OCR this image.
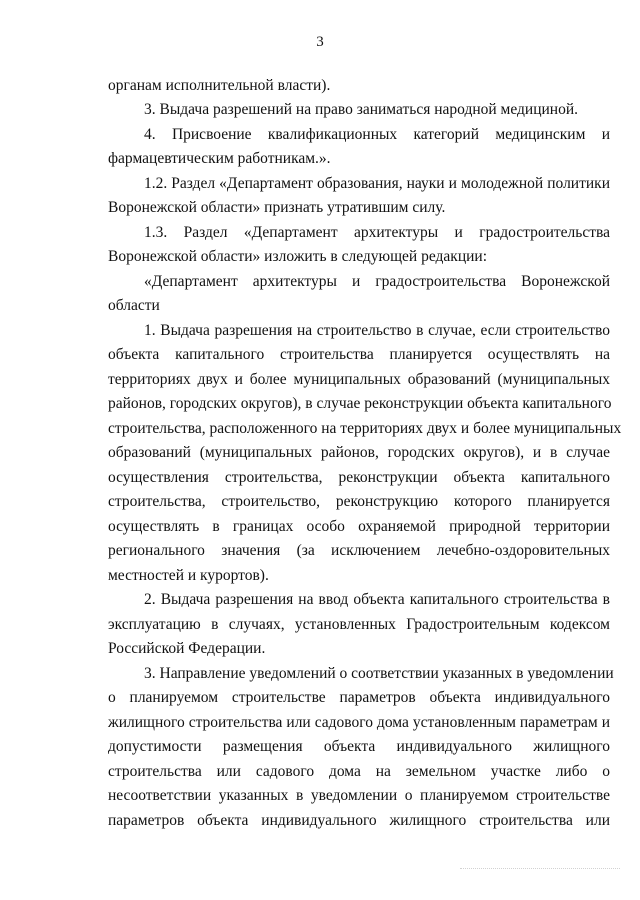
3
органам исполнительной власти).
3. Выдача разрешений на право заниматься народной медициной.
4. Присвоение квалификационных категорий медицинским и
фармацевтическим работникам.».
1.2. Раздел «Департамент образования, науки и молодежной политики
Воронежской области» признать утратившим силу.
1.3. Раздел «Департамент архитектуры и градостроительства
Воронежской области» изложить в следующей редакции:
«Департамент архитектуры и градостроительства Воронежской
области
1. Выдача разрешения на строительство в случае, если строительство
объекта капитального строительства планируется осуществлять на
территориях двух и более муниципальных образований (муниципальных
районов, городских округов), в случае реконструкции объекта капитального
строительства, расположенного на территориях двух и более муниципальных
образований (муниципальных районов, городских округов), и в случае
осуществления строительства, реконструкции объекта капитального
строительства, строительство, реконструкцию которого планируется
осуществлять в границах особо охраняемой природной территории
регионального значения (за исключением лечебно-оздоровительных
местностей и курортов).
2. Выдача разрешения на ввод объекта капитального строительства в
эксплуатацию в случаях, установленных Градостроительным кодексом
Российской Федерации.
3. Направление уведомлений о соответствии указанных в уведомлении
о планируемом строительстве параметров объекта индивидуального
жилищного строительства или садового дома установленным параметрам и
допустимости размещения объекта индивидуального жилищного
строительства или садового дома на земельном участке либо о
несоответствии указанных в уведомлении о планируемом строительстве
параметров объекта индивидуального жилищного строительства или
